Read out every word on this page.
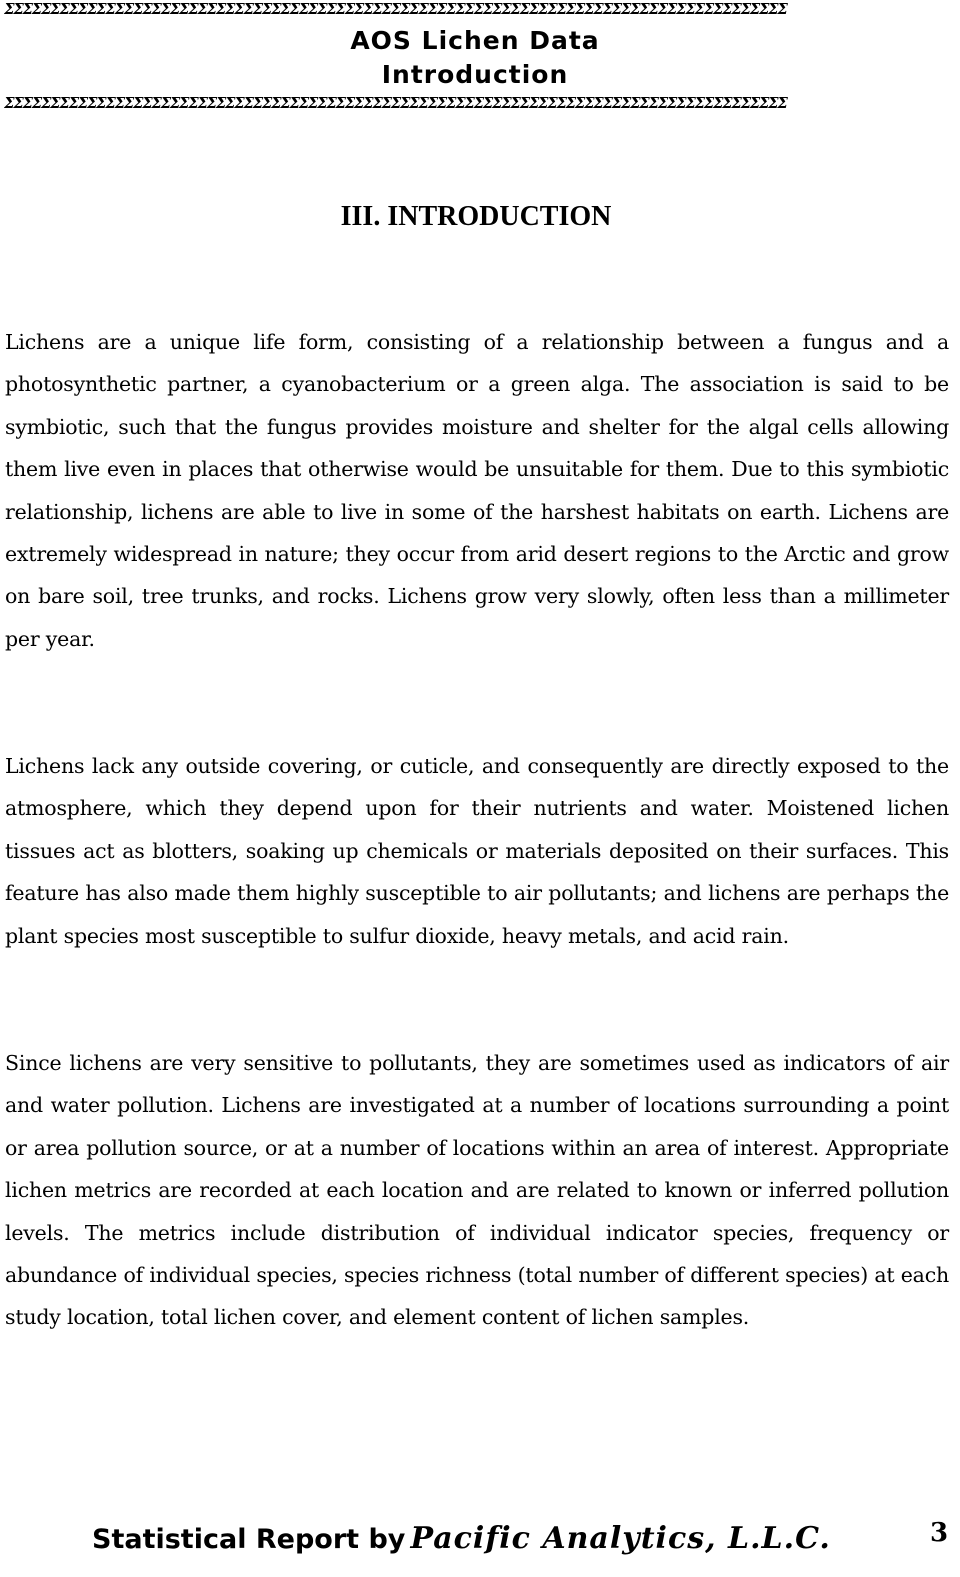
ΣΣΣΣΣΣΣΣΣΣΣΣΣΣΣΣΣΣΣΣΣΣΣΣΣΣΣΣΣΣΣΣΣΣΣΣΣΣΣΣΣΣΣΣΣΣΣΣΣΣΣΣΣΣΣΣΣΣΣΣΣΣΣΣΣΣΣΣΣΣΣΣΣΣΣΣΣΣΣΣΣΣΣΣΣ
AOS Lichen Data
Introduction
ΣΣΣΣΣΣΣΣΣΣΣΣΣΣΣΣΣΣΣΣΣΣΣΣΣΣΣΣΣΣΣΣΣΣΣΣΣΣΣΣΣΣΣΣΣΣΣΣΣΣΣΣΣΣΣΣΣΣΣΣΣΣΣΣΣΣΣΣΣΣΣΣΣΣΣΣΣΣΣΣΣΣΣΣΣ
III. INTRODUCTION

Lichens are a unique life form, consisting of a relationship between a fungus and a photosynthetic partner, a cyanobacterium or a green alga. The association is said to be symbiotic, such that the fungus provides moisture and shelter for the algal cells allowing them live even in places that otherwise would be unsuitable for them. Due to this symbiotic relationship, lichens are able to live in some of the harshest habitats on earth. Lichens are extremely widespread in nature; they occur from arid desert regions to the Arctic and grow on bare soil, tree trunks, and rocks. Lichens grow very slowly, often less than a millimeter per year.

Lichens lack any outside covering, or cuticle, and consequently are directly exposed to the atmosphere, which they depend upon for their nutrients and water. Moistened lichen tissues act as blotters, soaking up chemicals or materials deposited on their surfaces. This feature has also made them highly susceptible to air pollutants; and lichens are perhaps the plant species most susceptible to sulfur dioxide, heavy metals, and acid rain.

Since lichens are very sensitive to pollutants, they are sometimes used as indicators of air and water pollution. Lichens are investigated at a number of locations surrounding a point or area pollution source, or at a number of locations within an area of interest. Appropriate lichen metrics are recorded at each location and are related to known or inferred pollution levels. The metrics include distribution of individual indicator species, frequency or abundance of individual species, species richness (total number of different species) at each study location, total lichen cover, and element content of lichen samples.

Statistical Report by Pacific Analytics, L.L.C.	3
